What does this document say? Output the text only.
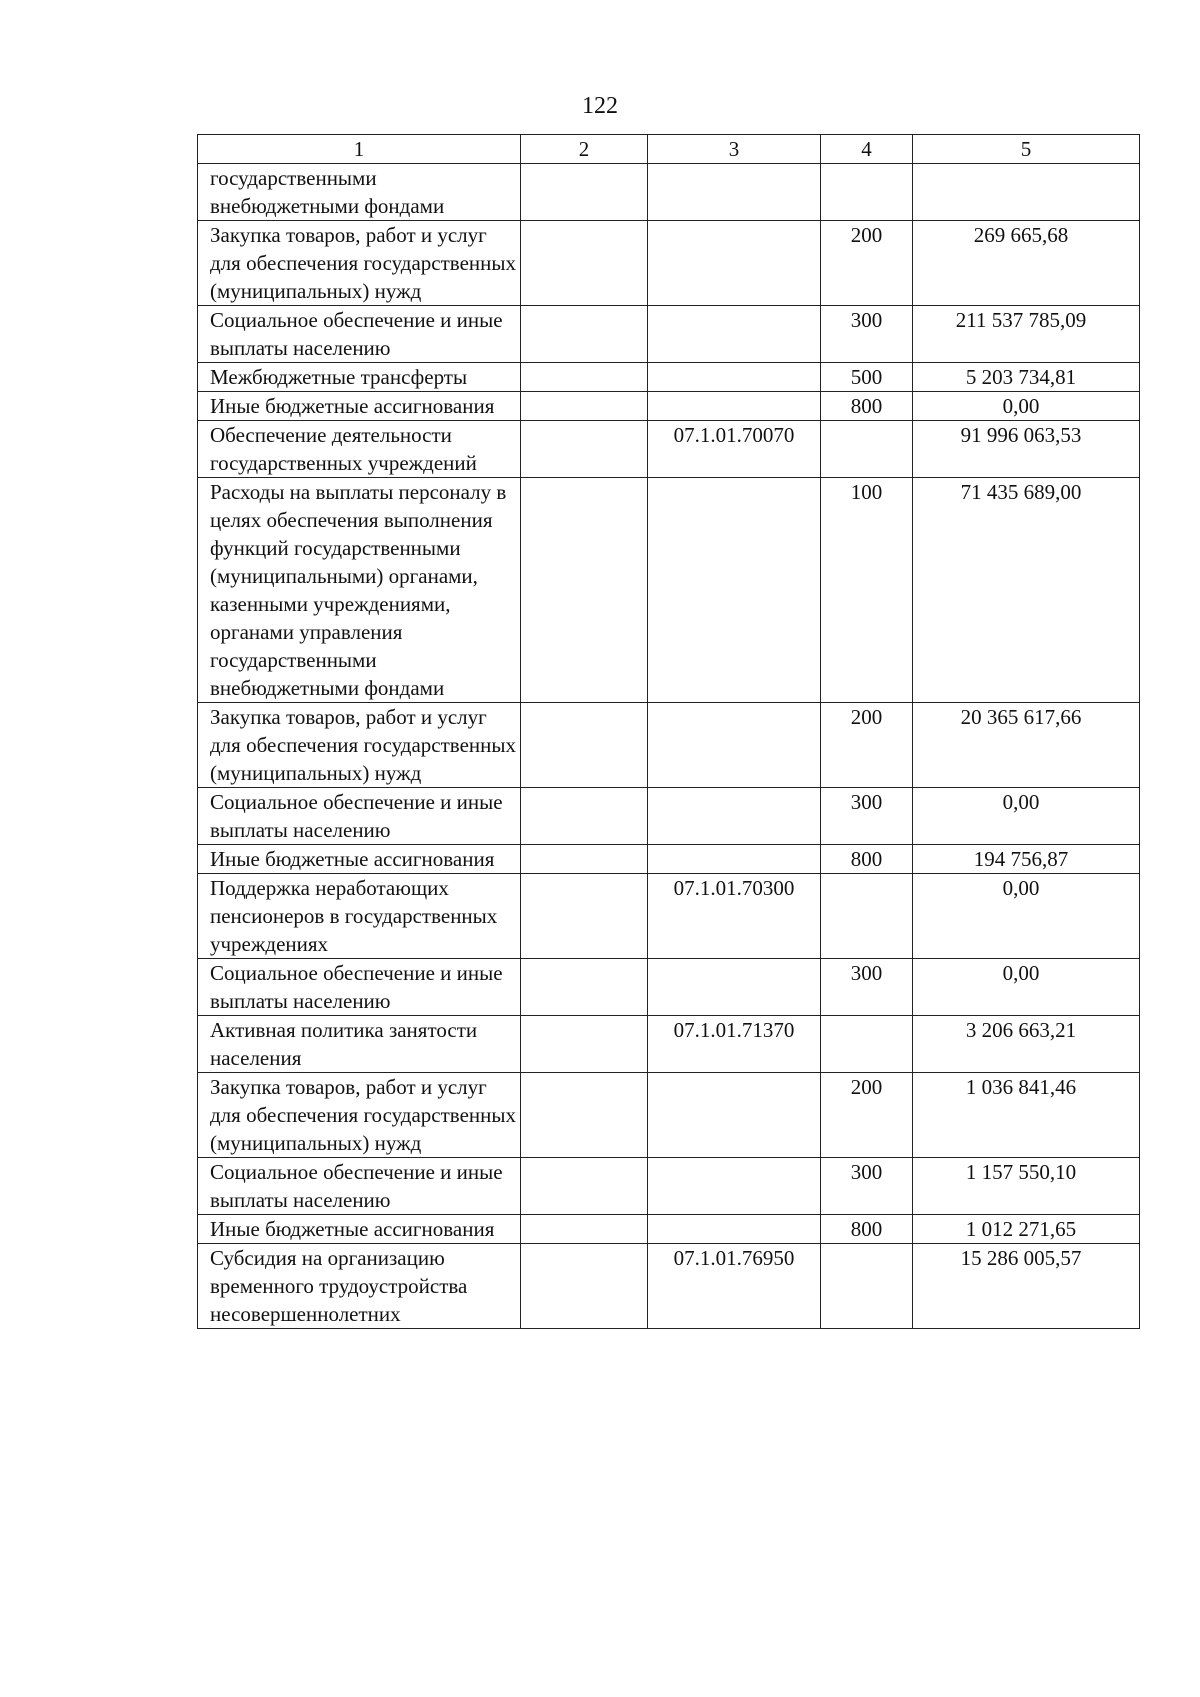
122
1	2	3	4	5
государственными внебюджетными фондами				
Закупка товаров, работ и услуг для обеспечения государственных (муниципальных) нужд			200	269 665,68
Социальное обеспечение и иные выплаты населению			300	211 537 785,09
Межбюджетные трансферты			500	5 203 734,81
Иные бюджетные ассигнования			800	0,00
Обеспечение деятельности государственных учреждений		07.1.01.70070		91 996 063,53
Расходы на выплаты персоналу в целях обеспечения выполнения функций государственными (муниципальными) органами, казенными учреждениями, органами управления государственными внебюджетными фондами			100	71 435 689,00
Закупка товаров, работ и услуг для обеспечения государственных (муниципальных) нужд			200	20 365 617,66
Социальное обеспечение и иные выплаты населению			300	0,00
Иные бюджетные ассигнования			800	194 756,87
Поддержка неработающих пенсионеров в государственных учреждениях		07.1.01.70300		0,00
Социальное обеспечение и иные выплаты населению			300	0,00
Активная политика занятости населения		07.1.01.71370		3 206 663,21
Закупка товаров, работ и услуг для обеспечения государственных (муниципальных) нужд			200	1 036 841,46
Социальное обеспечение и иные выплаты населению			300	1 157 550,10
Иные бюджетные ассигнования			800	1 012 271,65
Субсидия на организацию временного трудоустройства несовершеннолетних		07.1.01.76950		15 286 005,57
